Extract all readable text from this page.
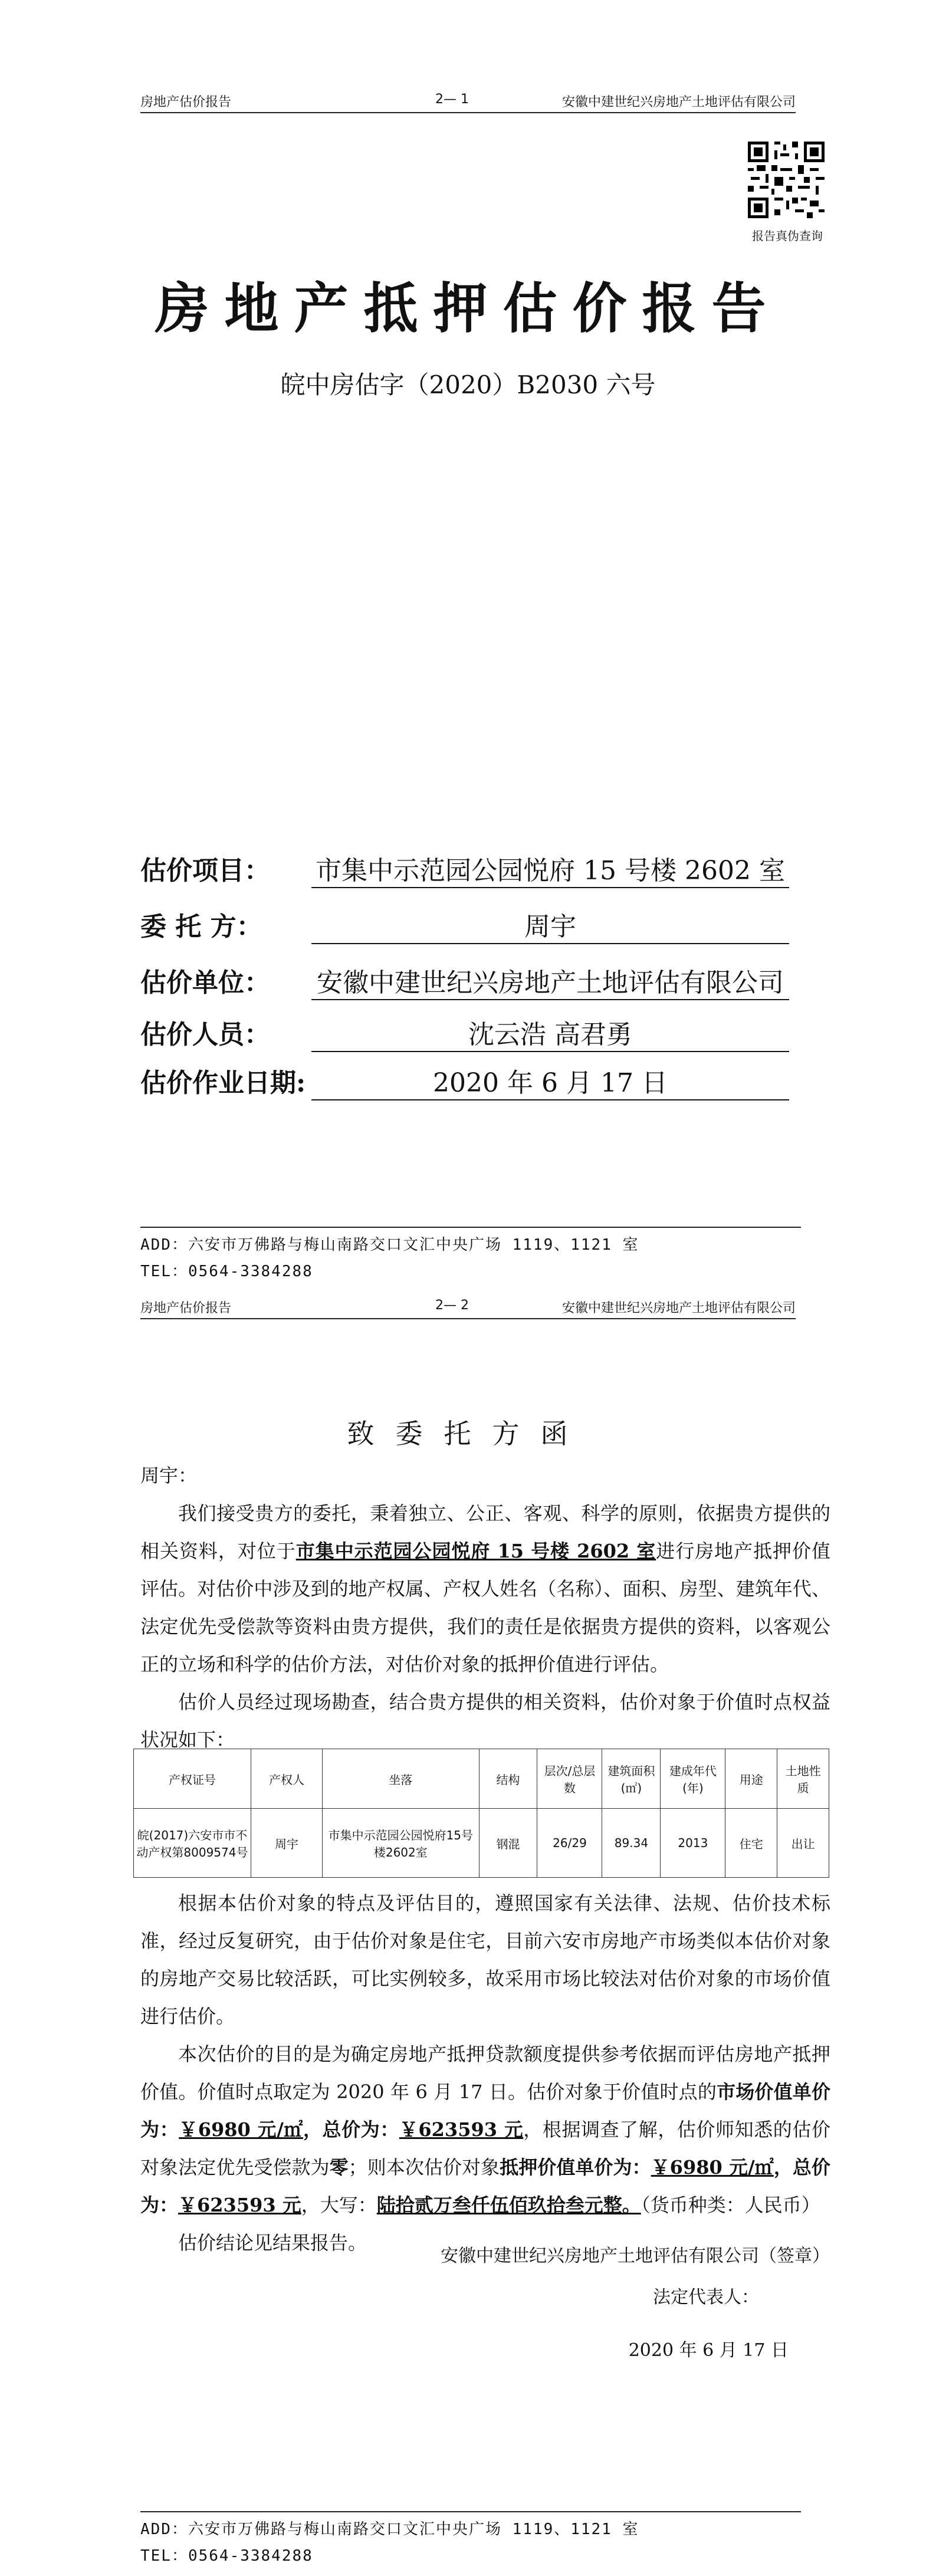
房地产估价报告	2— 1	安徽中建世纪兴房地产土地评估有限公司
报告真伪查询
房地产抵押估价报告
皖中房估字（2020）B2030 六号
估价项目：	市集中示范园公园悦府 15 号楼 2602 室
委 托 方：	周宇
估价单位：	安徽中建世纪兴房地产土地评估有限公司
估价人员：	沈云浩 高君勇
估价作业日期:	2020 年 6 月 17 日
ADD：六安市万佛路与梅山南路交口文汇中央广场 1119、1121 室
TEL：0564-3384288
房地产估价报告	2— 2	安徽中建世纪兴房地产土地评估有限公司
致委托方函

周宇：

我们接受贵方的委托，秉着独立、公正、客观、科学的原则，依据贵方提供的相关资料，对位于市集中示范园公园悦府 15 号楼 2602 室进行房地产抵押价值评估。对估价中涉及到的地产权属、产权人姓名（名称）、面积、房型、建筑年代、法定优先受偿款等资料由贵方提供，我们的责任是依据贵方提供的资料，以客观公正的立场和科学的估价方法，对估价对象的抵押价值进行评估。

估价人员经过现场勘查，结合贵方提供的相关资料，估价对象于价值时点权益状况如下：

产权证号	产权人	坐落	结构	层次/总层数	建筑面积(㎡)	建成年代(年)	用途	土地性质
皖(2017)六安市市不动产权第8009574号	周宇	市集中示范园公园悦府15号楼2602室	钢混	26/29	89.34	2013	住宅	出让

根据本估价对象的特点及评估目的，遵照国家有关法律、法规、估价技术标准，经过反复研究，由于估价对象是住宅，目前六安市房地产市场类似本估价对象的房地产交易比较活跃，可比实例较多，故采用市场比较法对估价对象的市场价值进行估价。

本次估价的目的是为确定房地产抵押贷款额度提供参考依据而评估房地产抵押价值。价值时点取定为 2020 年 6 月 17 日。估价对象于价值时点的市场价值单价为：￥6980 元/㎡，总价为：￥623593 元，根据调查了解，估价师知悉的估价对象法定优先受偿款为零；则本次估价对象抵押价值单价为：￥6980 元/㎡，总价为：￥623593 元，大写：陆拾贰万叁仟伍佰玖拾叁元整。（货币种类：人民币）

估价结论见结果报告。

安徽中建世纪兴房地产土地评估有限公司（签章）
法定代表人：
2020 年 6 月 17 日
ADD：六安市万佛路与梅山南路交口文汇中央广场 1119、1121 室
TEL：0564-3384288
